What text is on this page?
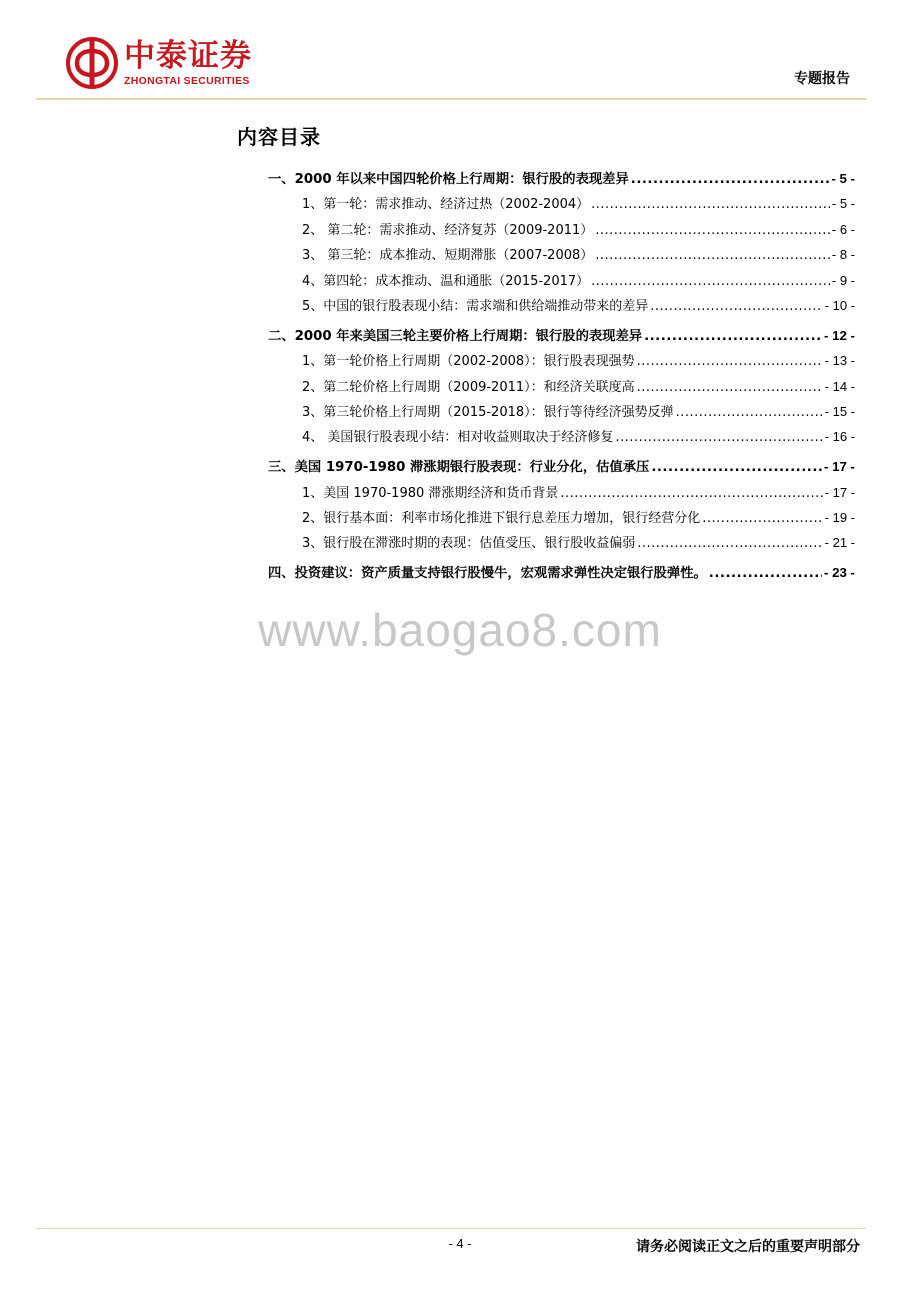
中泰证券
ZHONGTAI SECURITIES	专题报告
内容目录
一、2000 年以来中国四轮价格上行周期：银行股的表现差异 .....	- 5 -
1、第一轮：需求推动、经济过热（2002-2004） .....	- 5 -
2、 第二轮：需求推动、经济复苏（2009-2011） .....	- 6 -
3、 第三轮：成本推动、短期滞胀（2007-2008） .....	- 8 -
4、第四轮：成本推动、温和通胀（2015-2017） .....	- 9 -
5、中国的银行股表现小结：需求端和供给端推动带来的差异 .....	- 10 -
二、2000 年来美国三轮主要价格上行周期：银行股的表现差异 .....	- 12 -
1、第一轮价格上行周期（2002-2008）：银行股表现强势 .....	- 13 -
2、第二轮价格上行周期（2009-2011）：和经济关联度高 .....	- 14 -
3、第三轮价格上行周期（2015-2018）：银行等待经济强势反弹 .....	- 15 -
4、 美国银行股表现小结：相对收益则取决于经济修复 .....	- 16 -
三、美国 1970-1980 滞涨期银行股表现：行业分化，估值承压 .....	- 17 -
1、美国 1970-1980 滞涨期经济和货币背景 .....	- 17 -
2、银行基本面：利率市场化推进下银行息差压力增加，银行经营分化 .....	- 19 -
3、银行股在滞涨时期的表现：估值受压、银行股收益偏弱 .....	- 21 -
四、投资建议：资产质量支持银行股慢牛，宏观需求弹性决定银行股弹性。 .....	- 23 -
www.baogao8.com
- 4 -	请务必阅读正文之后的重要声明部分
